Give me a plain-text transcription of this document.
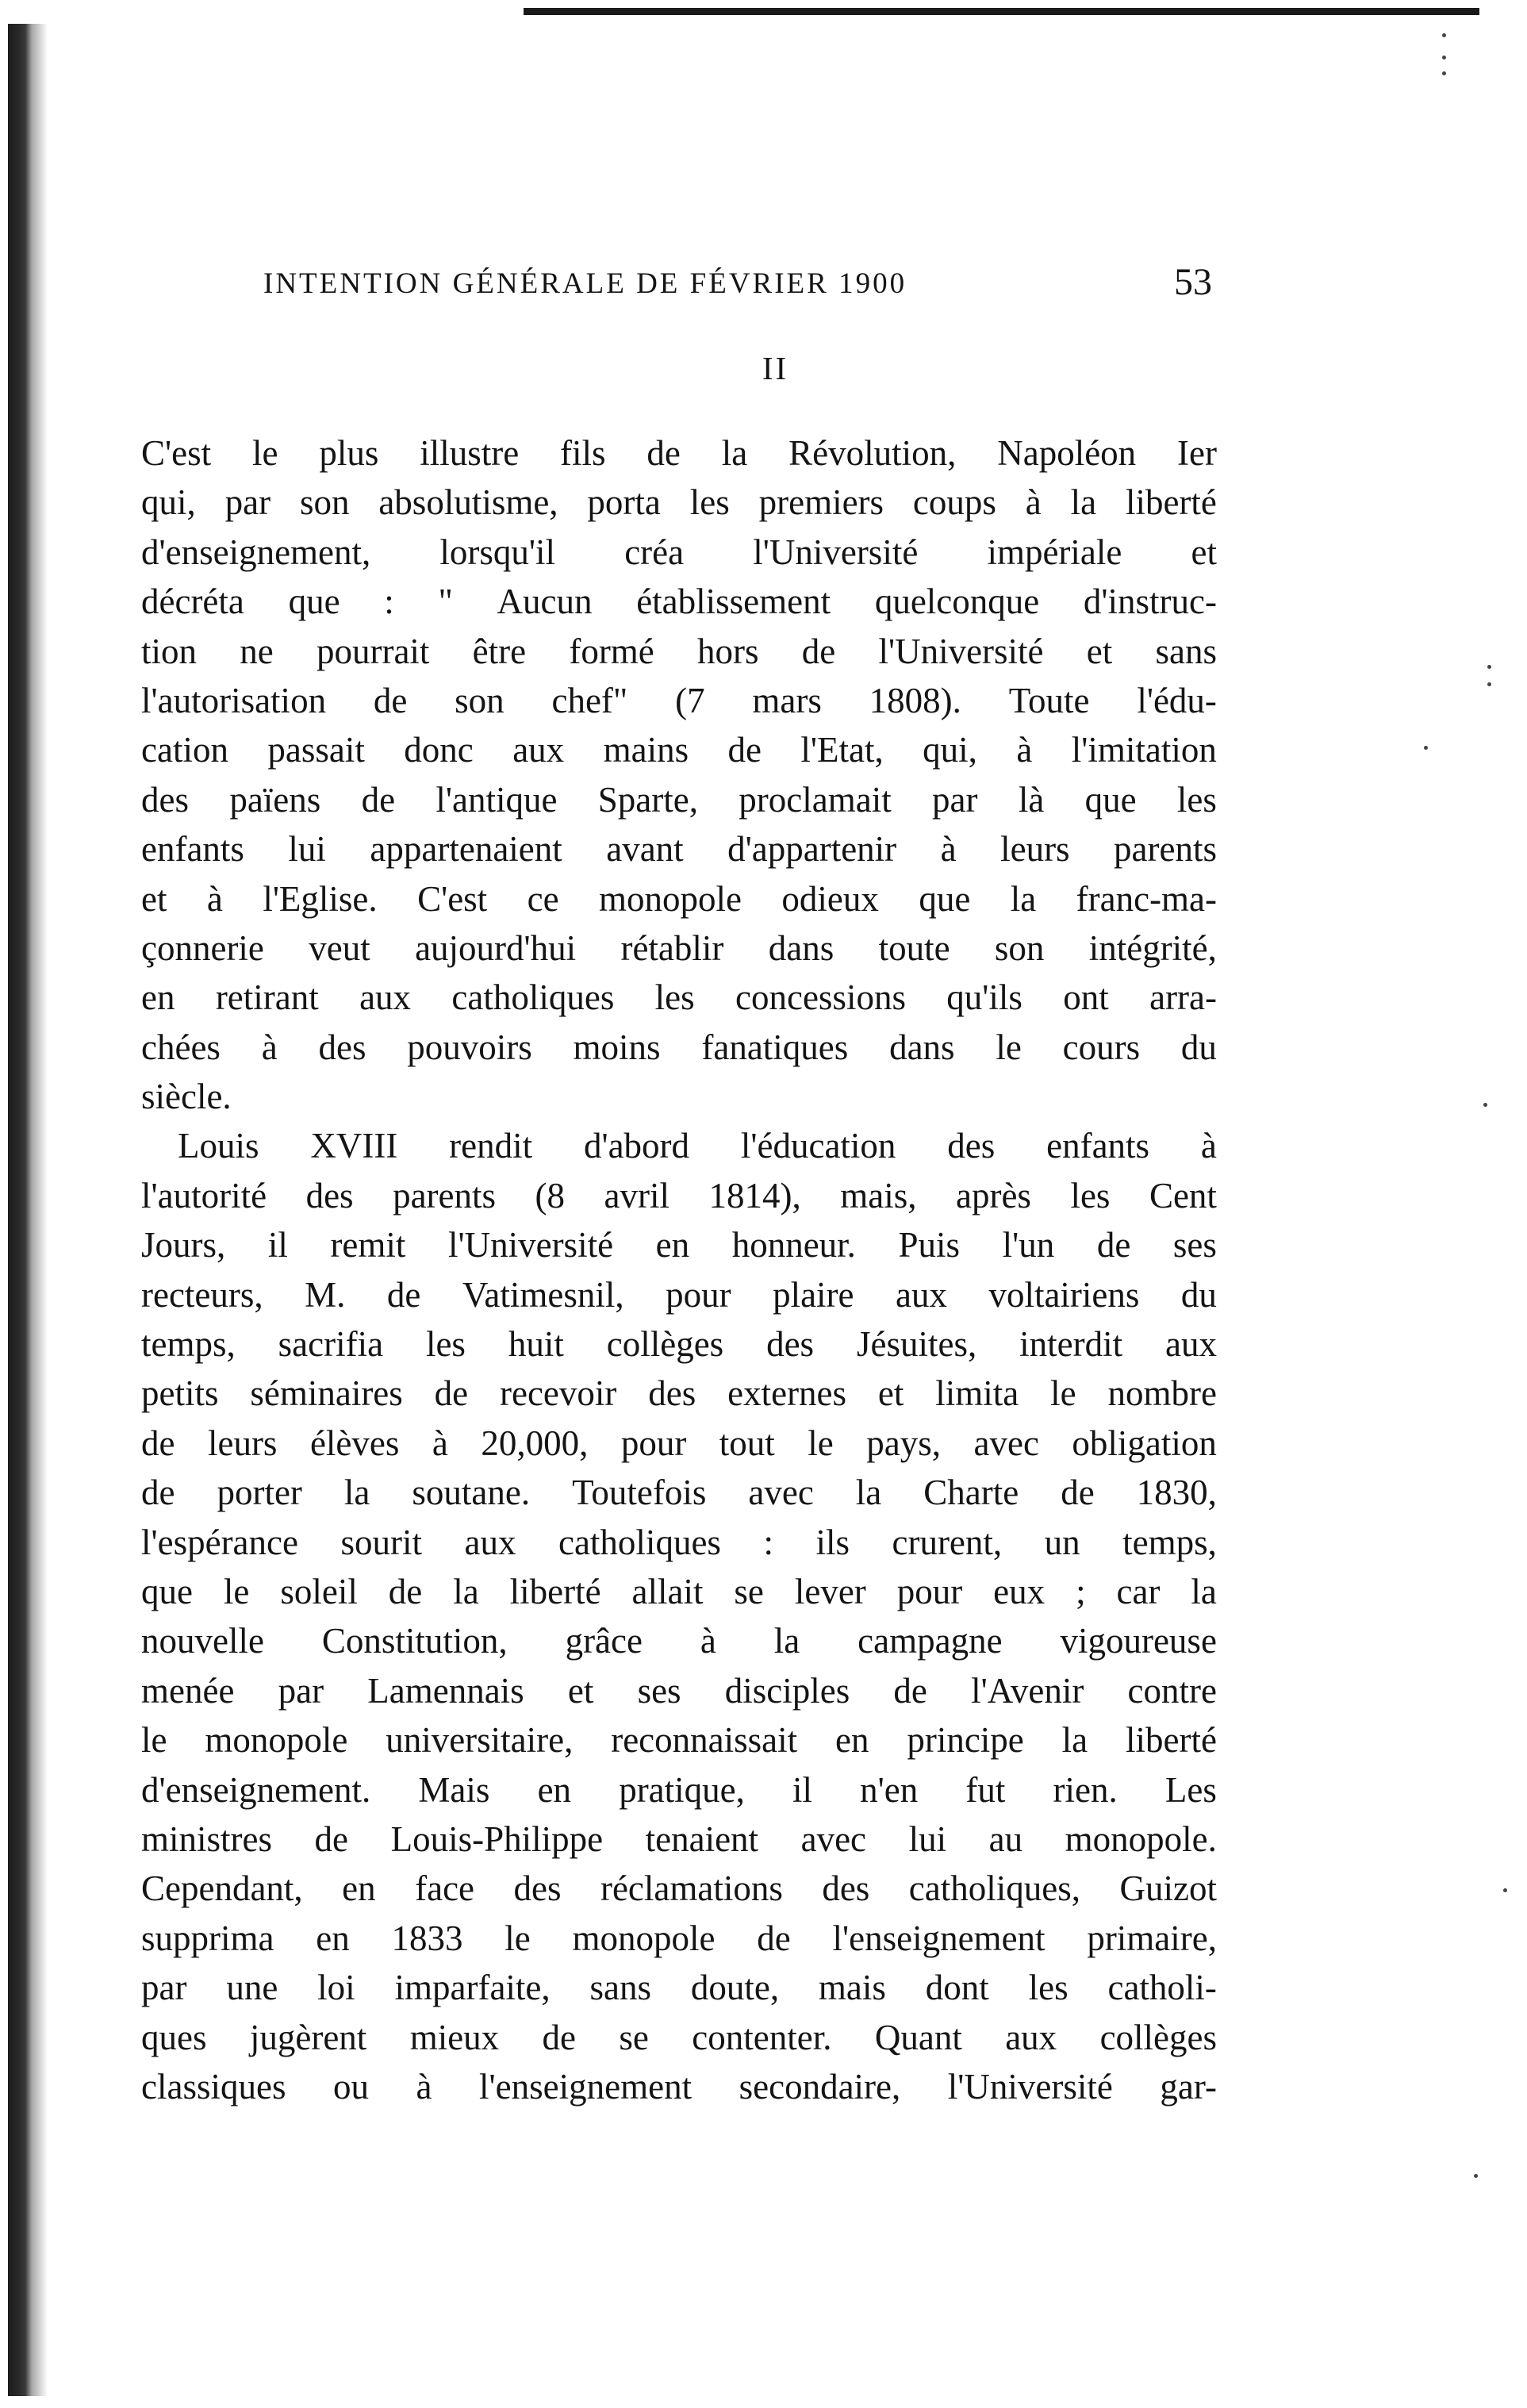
INTENTION GÉNÉRALE DE FÉVRIER 1900	53
II
C'est le plus illustre fils de la Révolution, Napoléon Ier
qui, par son absolutisme, porta les premiers coups à la liberté
d'enseignement, lorsqu'il créa l'Université impériale et
décréta que : " Aucun établissement quelconque d'instruc-
tion ne pourrait être formé hors de l'Université et sans
l'autorisation de son chef" (7 mars 1808). Toute l'édu-
cation passait donc aux mains de l'Etat, qui, à l'imitation
des païens de l'antique Sparte, proclamait par là que les
enfants lui appartenaient avant d'appartenir à leurs parents
et à l'Eglise. C'est ce monopole odieux que la franc-ma-
çonnerie veut aujourd'hui rétablir dans toute son intégrité,
en retirant aux catholiques les concessions qu'ils ont arra-
chées à des pouvoirs moins fanatiques dans le cours du
siècle.
Louis XVIII rendit d'abord l'éducation des enfants à
l'autorité des parents (8 avril 1814), mais, après les Cent
Jours, il remit l'Université en honneur. Puis l'un de ses
recteurs, M. de Vatimesnil, pour plaire aux voltairiens du
temps, sacrifia les huit collèges des Jésuites, interdit aux
petits séminaires de recevoir des externes et limita le nombre
de leurs élèves à 20,000, pour tout le pays, avec obligation
de porter la soutane. Toutefois avec la Charte de 1830,
l'espérance sourit aux catholiques : ils crurent, un temps,
que le soleil de la liberté allait se lever pour eux ; car la
nouvelle Constitution, grâce à la campagne vigoureuse
menée par Lamennais et ses disciples de l'Avenir contre
le monopole universitaire, reconnaissait en principe la liberté
d'enseignement. Mais en pratique, il n'en fut rien. Les
ministres de Louis-Philippe tenaient avec lui au monopole.
Cependant, en face des réclamations des catholiques, Guizot
supprima en 1833 le monopole de l'enseignement primaire,
par une loi imparfaite, sans doute, mais dont les catholi-
ques jugèrent mieux de se contenter. Quant aux collèges
classiques ou à l'enseignement secondaire, l'Université gar-
